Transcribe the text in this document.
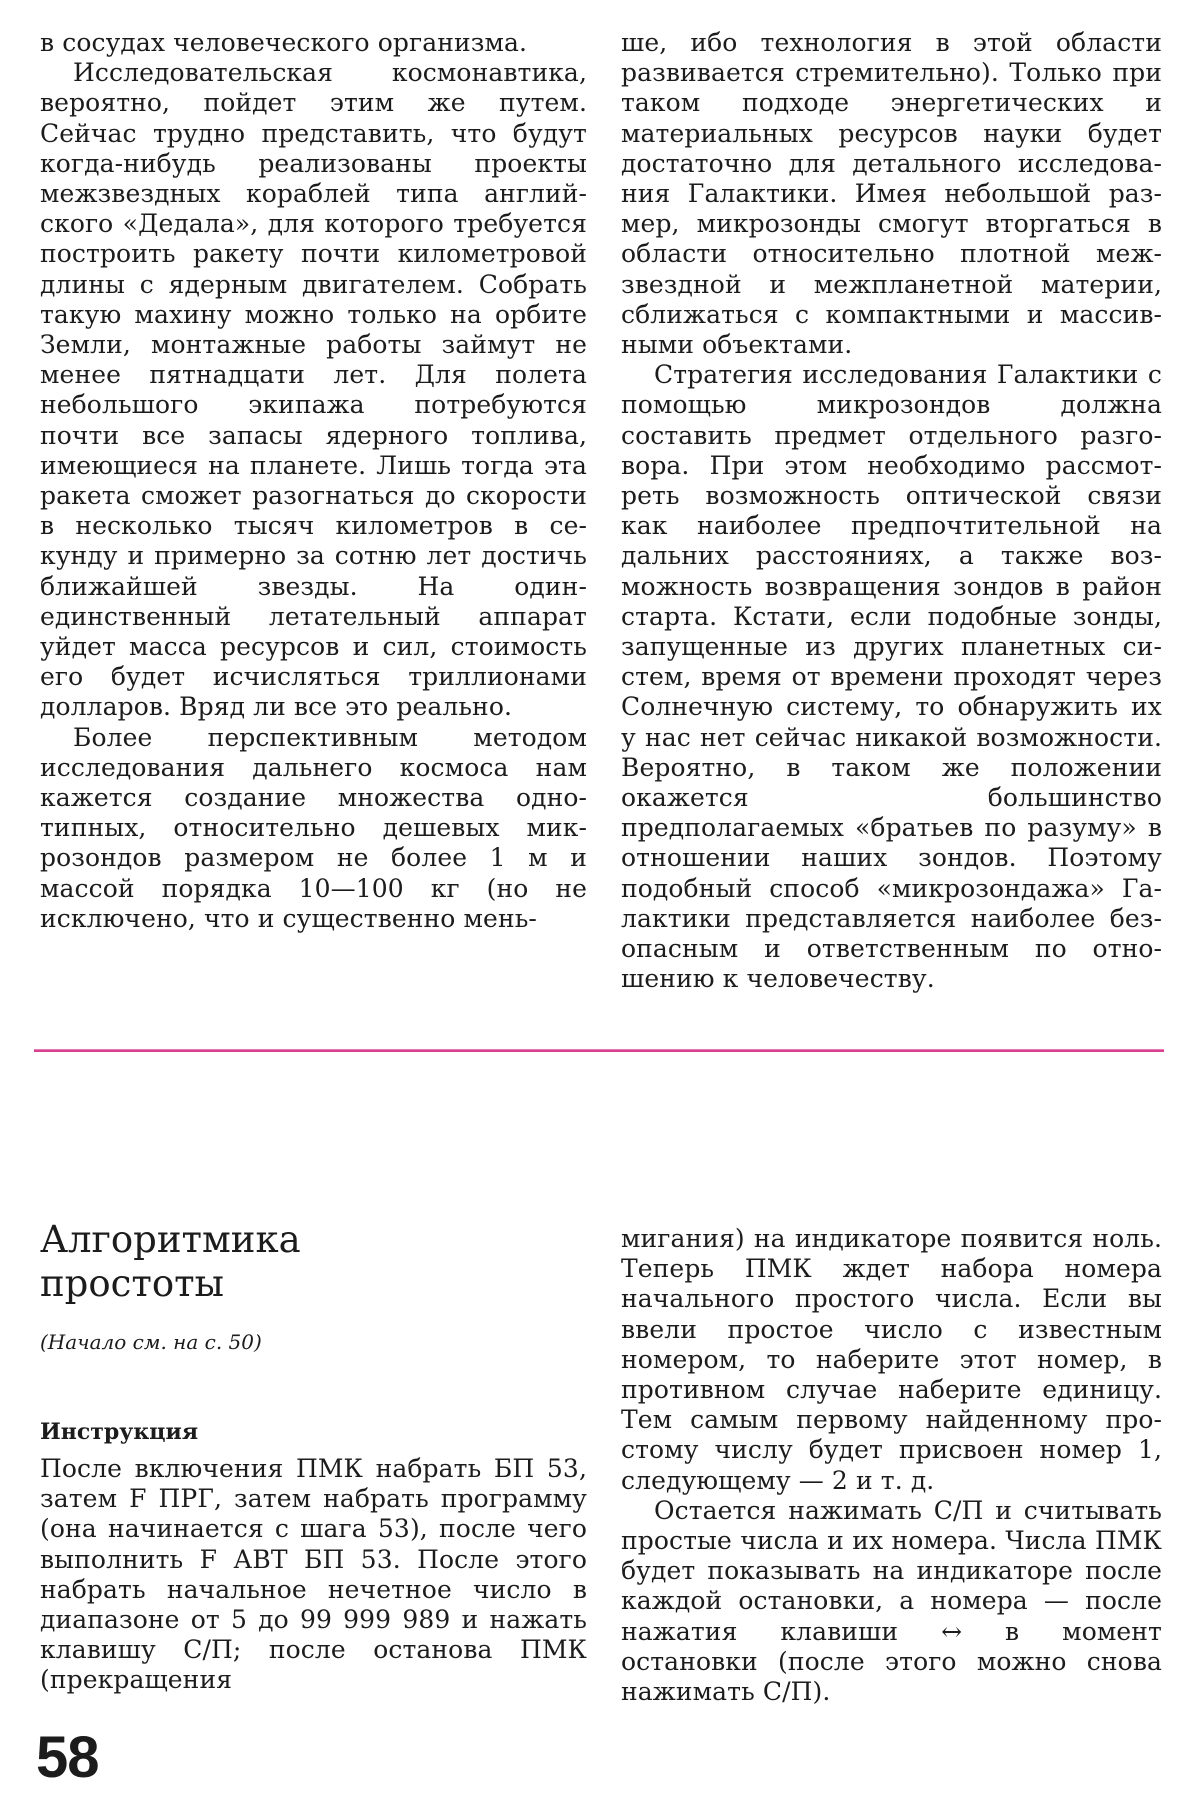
в сосудах человеческого организма.

Исследовательская космонавтика, вероятно, пойдет этим же путем. Сейчас трудно представить, что будут когда-нибудь реализованы проекты межзвездных кораблей типа английского «Дедала», для которого требуется построить ракету почти километровой длины с ядерным двигателем. Собрать такую махину можно только на орбите Земли, монтажные работы займут не менее пятнадцати лет. Для полета небольшого экипажа потребуются почти все запасы ядерного топлива, имеющиеся на планете. Лишь тогда эта ракета сможет разогнаться до скорости в несколько тысяч километров в секунду и примерно за сотню лет достичь ближайшей звезды. На один-единственный летательный аппарат уйдет масса ресурсов и сил, стоимость его будет исчисляться триллионами долларов. Вряд ли все это реально.

Более перспективным методом исследования дальнего космоса нам кажется создание множества однотипных, относительно дешевых микрозондов размером не более 1 м и массой порядка 10—100 кг (но не исключено, что и существенно мень-

ше, ибо технология в этой области развивается стремительно). Только при таком подходе энергетических и материальных ресурсов науки будет достаточно для детального исследования Галактики. Имея небольшой размер, микрозонды смогут вторгаться в области относительно плотной межзвездной и межпланетной материи, сближаться с компактными и массивными объектами.

Стратегия исследования Галактики с помощью микрозондов должна составить предмет отдельного разговора. При этом необходимо рассмотреть возможность оптической связи как наиболее предпочтительной на дальних расстояниях, а также возможность возвращения зондов в район старта. Кстати, если подобные зонды, запущенные из других планетных систем, время от времени проходят через Солнечную систему, то обнаружить их у нас нет сейчас никакой возможности. Вероятно, в таком же положении окажется большинство предполагаемых «братьев по разуму» в отношении наших зондов. Поэтому подобный способ «микрозондажа» Галактики представляется наиболее безопасным и ответственным по отношению к человечеству.

Алгоритмика
простоты
(Начало см. на с. 50)
Инструкция

После включения ПМК набрать БП 53, затем F ПРГ, затем набрать программу (она начинается с шага 53), после чего выполнить F АВТ БП 53. После этого набрать начальное нечетное число в диапазоне от 5 до 99 999 989 и нажать клавишу С/П; после останова ПМК (прекращения

мигания) на индикаторе появится ноль. Теперь ПМК ждет набора номера начального простого числа. Если вы ввели простое число с известным номером, то наберите этот номер, в противном случае наберите единицу. Тем самым первому найденному простому числу будет присвоен номер 1, следующему — 2 и т. д.

Остается нажимать С/П и считывать простые числа и их номера. Числа ПМК будет показывать на индикаторе после каждой остановки, а номера — после нажатия клавиши ↔ в момент остановки (после этого можно снова нажимать С/П).

58
